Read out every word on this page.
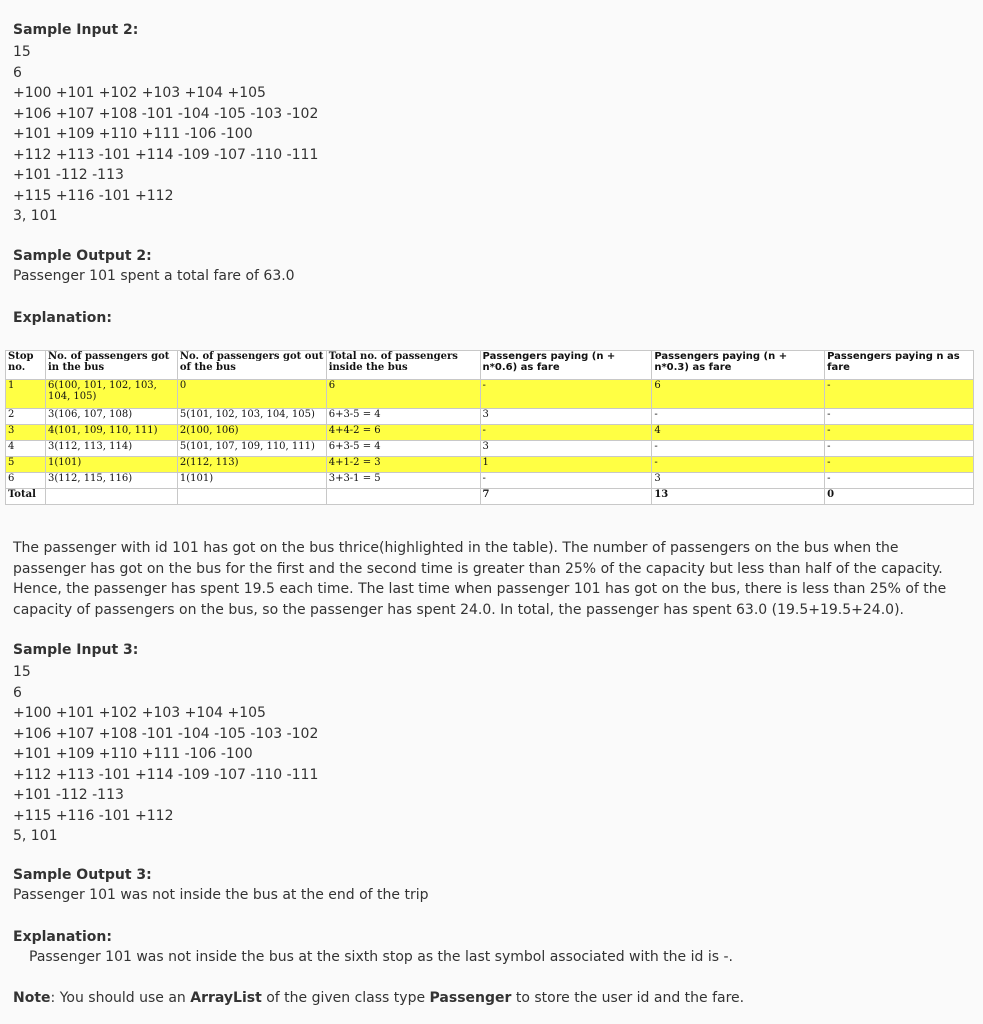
Sample Input 2:
15
6
+100 +101 +102 +103 +104 +105
+106 +107 +108 -101 -104 -105 -103 -102
+101 +109 +110 +111 -106 -100
+112 +113 -101 +114 -109 -107 -110 -111
+101 -112 -113
+115 +116 -101 +112
3, 101
Sample Output 2:
Passenger 101 spent a total fare of 63.0
Explanation:
Stop no.	No. of passengers got in the bus	No. of passengers got out of the bus	Total no. of passengers inside the bus	Passengers paying (n + n*0.6) as fare	Passengers paying (n + n*0.3) as fare	Passengers paying n as fare
1	6(100, 101, 102, 103, 104, 105)	0	6	-	6	-
2	3(106, 107, 108)	5(101, 102, 103, 104, 105)	6+3-5 = 4	3	-	-
3	4(101, 109, 110, 111)	2(100, 106)	4+4-2 = 6	-	4	-
4	3(112, 113, 114)	5(101, 107, 109, 110, 111)	6+3-5 = 4	3	-	-
5	1(101)	2(112, 113)	4+1-2 = 3	1	-	-
6	3(112, 115, 116)	1(101)	3+3-1 = 5	-	3	-
Total				7	13	0
The passenger with id 101 has got on the bus thrice(highlighted in the table). The number of passengers on the bus when the passenger has got on the bus for the first and the second time is greater than 25% of the capacity but less than half of the capacity. Hence, the passenger has spent 19.5 each time. The last time when passenger 101 has got on the bus, there is less than 25% of the capacity of passengers on the bus, so the passenger has spent 24.0. In total, the passenger has spent 63.0 (19.5+19.5+24.0).
Sample Input 3:
15
6
+100 +101 +102 +103 +104 +105
+106 +107 +108 -101 -104 -105 -103 -102
+101 +109 +110 +111 -106 -100
+112 +113 -101 +114 -109 -107 -110 -111
+101 -112 -113
+115 +116 -101 +112
5, 101
Sample Output 3:
Passenger 101 was not inside the bus at the end of the trip
Explanation:
Passenger 101 was not inside the bus at the sixth stop as the last symbol associated with the id is -.
Note: You should use an ArrayList of the given class type Passenger to store the user id and the fare.
